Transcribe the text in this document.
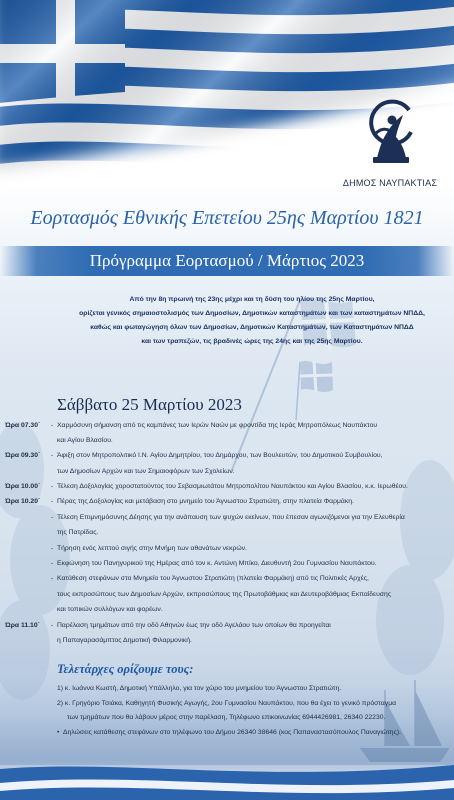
ΔΗΜΟΣ ΝΑΥΠΑΚΤΙΑΣ
Εορτασμός Εθνικής Επετείου 25ης Μαρτίου 1821
Πρόγραμμα Εορτασμού / Μάρτιος 2023
Από την 8η πρωινή της 23ης μέχρι και τη δύση του ηλίου της 25ης Μαρτίου,
ορίζεται γενικός σημαιοστολισμός των Δημοσίων, Δημοτικών καταστημάτων και των καταστημάτων ΝΠΔΔ,
καθώς και φωταγώγηση όλων των Δημοσίων, Δημοτικών Καταστημάτων, των Καταστημάτων ΝΠΔΔ
και των τραπεζών, τις βραδινές ώρες της 24ης και της 25ης Μαρτίου.
Σάββατο 25 Μαρτίου 2023
Ώρα 07.30΄ - Χαρμόσυνη σήμανση από τις καμπάνες των Ιερών Ναών με φροντίδα της Ιεράς Μητροπόλεως Ναυπάκτου
και Αγίου Βλασίου.
Ώρα 09.30΄ - Άφιξη στον Μητροπολιτικό Ι.Ν. Αγίου Δημητρίου, του Δημάρχου, των Βουλευτών, του Δημοτικού Συμβουλίου,
των Δημοσίων Αρχών και των Σημαιοφόρων των Σχολείων.
Ώρα 10.00΄ - Τέλεση Δοξολογίας χοροστατούντος του Σεβασμιωτάτου Μητροπολίτου Ναυπάκτου και Αγίου Βλασίου, κ.κ. Ιερωθέου.
Ώρα 10.20΄ - Πέρας της Δοξολογίας και μετάβαση στο μνημείο του Άγνωστου Στρατιώτη, στην πλατεία Φαρμάκη.
- Τέλεση Επιμνημόσυνης Δέησης για την ανάπαυση των ψυχών εκείνων, που έπεσαν αγωνιζόμενοι για την Ελευθερία
της Πατρίδας.
- Τήρηση ενός λεπτού σιγής στην Μνήμη των αθανάτων νεκρών.
- Εκφώνηση του Πανηγυρικού της Ημέρας από τον κ. Αντώνη Μπίκο, Διευθυντή 2ου Γυμνασίου Ναυπάκτου.
- Κατάθεση στεφάνων στο Μνημείο του Άγνωστου Στρατιώτη (πλατεία Φαρμάκη) από τις Πολιτικές Αρχές,
τους εκπροσώπους των Δημοσίων Αρχών, εκπροσώπους της Πρωτοβάθμιας και Δευτεροβάθμιας Εκπαίδευσης
και τοπικών συλλόγων και φορέων.
Ώρα 11.10΄ - Παρέλαση τμημάτων από την οδό Αθηνών έως την οδό Αγελάου των οποίων θα προηγείται
η Παπαγαρασάμπτος Δημοτική Φιλαρμονική.
Τελετάρχες ορίζουμε τους:
1) κ. Ιωάννα Κωστή, Δημοτική Υπάλληλο, για τον χώρο του μνημείου του Άγνωστου Στρατιώτη.
2) κ. Γρηγόριο Τσιάκα, Καθηγητή Φυσικής Αγωγής, 2ου Γυμνασίου Ναυπάκτου, που θα έχει το γενικό πρόσταγμα
των τμημάτων που θα λάβουν μέρος στην παρέλαση, Τηλέφωνο επικοινωνίας 6944426981, 26340 22230.
• Δηλώσεις κατάθεσης στεφάνων στο τηλέφωνο του Δήμου 26340 38646 (κος Παπαναστασόπουλος Παναγιώτης).
